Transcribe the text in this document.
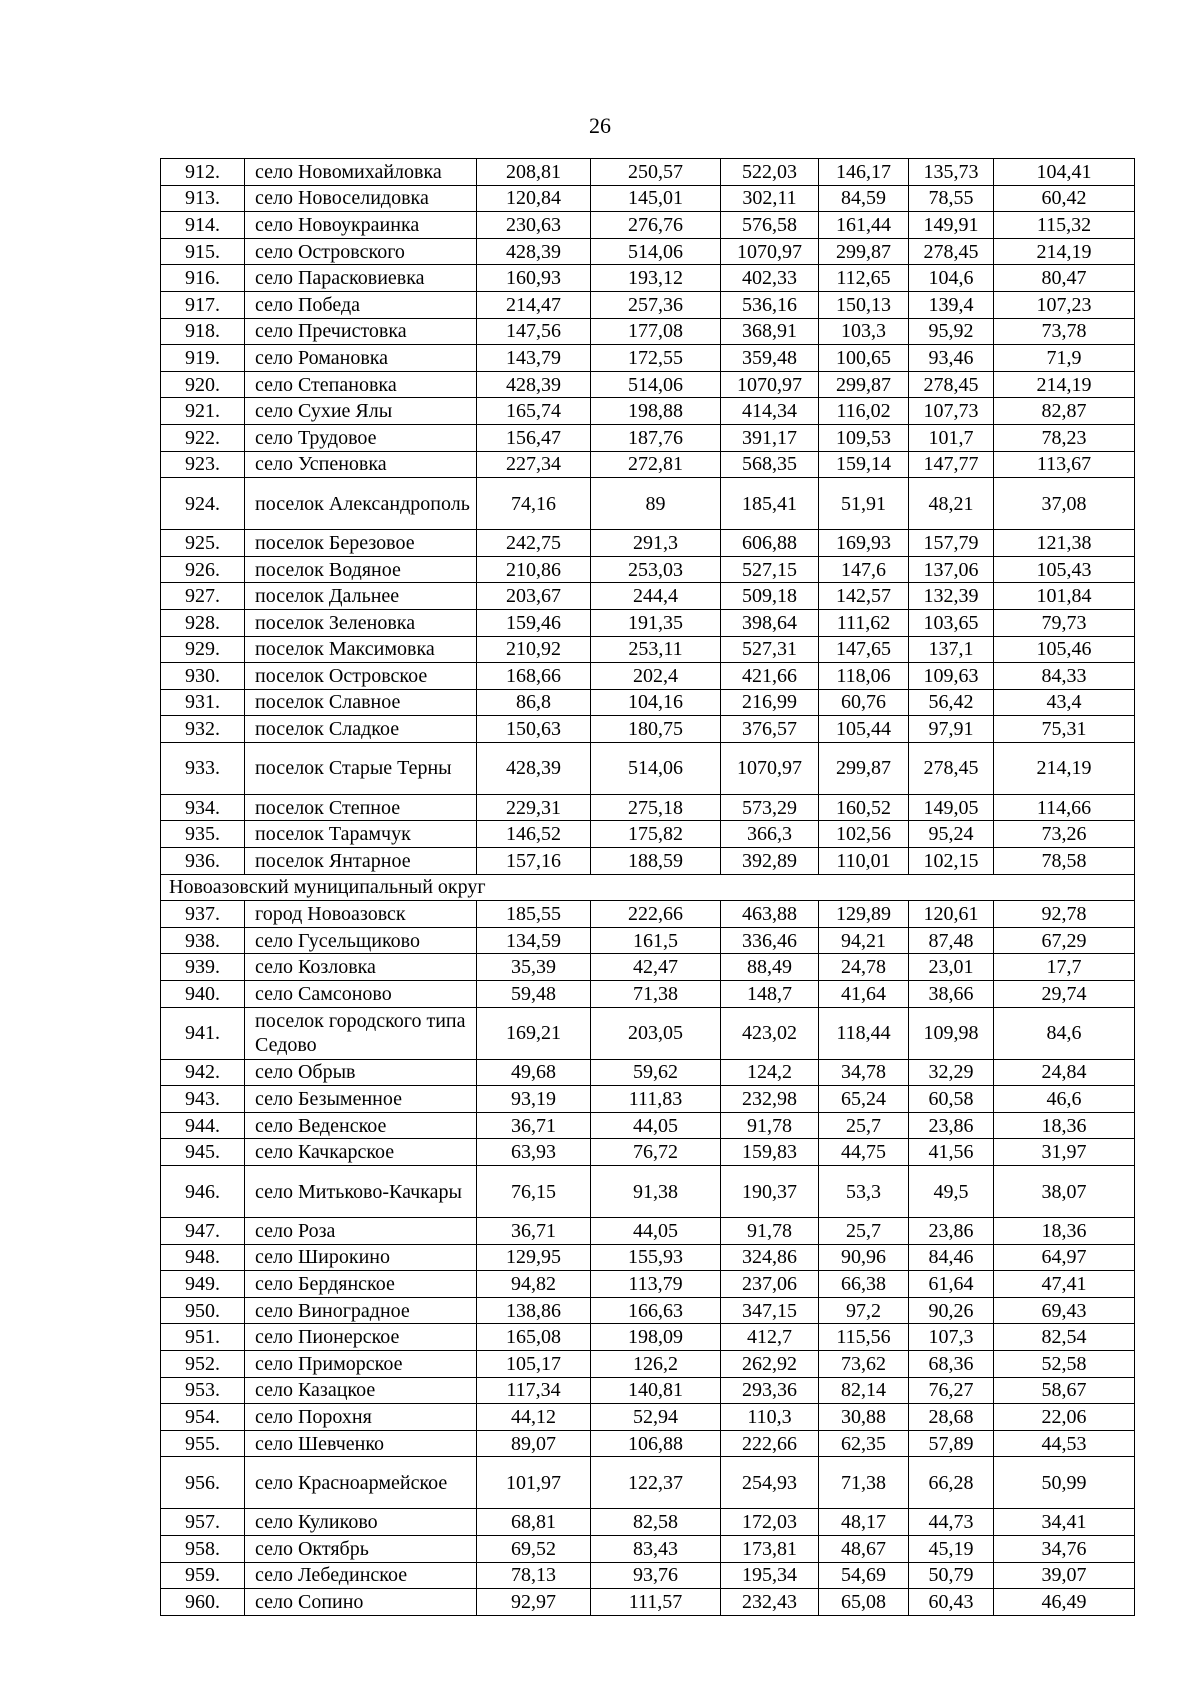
26
912.	село Новомихайловка	208,81	250,57	522,03	146,17	135,73	104,41
913.	село Новоселидовка	120,84	145,01	302,11	84,59	78,55	60,42
914.	село Новоукраинка	230,63	276,76	576,58	161,44	149,91	115,32
915.	село Островского	428,39	514,06	1070,97	299,87	278,45	214,19
916.	село Парасковиевка	160,93	193,12	402,33	112,65	104,6	80,47
917.	село Победа	214,47	257,36	536,16	150,13	139,4	107,23
918.	село Пречистовка	147,56	177,08	368,91	103,3	95,92	73,78
919.	село Романовка	143,79	172,55	359,48	100,65	93,46	71,9
920.	село Степановка	428,39	514,06	1070,97	299,87	278,45	214,19
921.	село Сухие Ялы	165,74	198,88	414,34	116,02	107,73	82,87
922.	село Трудовое	156,47	187,76	391,17	109,53	101,7	78,23
923.	село Успеновка	227,34	272,81	568,35	159,14	147,77	113,67
924.	поселок Александрополь	74,16	89	185,41	51,91	48,21	37,08
925.	поселок Березовое	242,75	291,3	606,88	169,93	157,79	121,38
926.	поселок Водяное	210,86	253,03	527,15	147,6	137,06	105,43
927.	поселок Дальнее	203,67	244,4	509,18	142,57	132,39	101,84
928.	поселок Зеленовка	159,46	191,35	398,64	111,62	103,65	79,73
929.	поселок Максимовка	210,92	253,11	527,31	147,65	137,1	105,46
930.	поселок Островское	168,66	202,4	421,66	118,06	109,63	84,33
931.	поселок Славное	86,8	104,16	216,99	60,76	56,42	43,4
932.	поселок Сладкое	150,63	180,75	376,57	105,44	97,91	75,31
933.	поселок Старые Терны	428,39	514,06	1070,97	299,87	278,45	214,19
934.	поселок Степное	229,31	275,18	573,29	160,52	149,05	114,66
935.	поселок Тарамчук	146,52	175,82	366,3	102,56	95,24	73,26
936.	поселок Янтарное	157,16	188,59	392,89	110,01	102,15	78,58
Новоазовский муниципальный округ							
937.	город Новоазовск	185,55	222,66	463,88	129,89	120,61	92,78
938.	село Гусельщиково	134,59	161,5	336,46	94,21	87,48	67,29
939.	село Козловка	35,39	42,47	88,49	24,78	23,01	17,7
940.	село Самсоново	59,48	71,38	148,7	41,64	38,66	29,74
941.	поселок городского типа Седово	169,21	203,05	423,02	118,44	109,98	84,6
942.	село Обрыв	49,68	59,62	124,2	34,78	32,29	24,84
943.	село Безыменное	93,19	111,83	232,98	65,24	60,58	46,6
944.	село Веденское	36,71	44,05	91,78	25,7	23,86	18,36
945.	село Качкарское	63,93	76,72	159,83	44,75	41,56	31,97
946.	село Митьково-Качкары	76,15	91,38	190,37	53,3	49,5	38,07
947.	село Роза	36,71	44,05	91,78	25,7	23,86	18,36
948.	село Широкино	129,95	155,93	324,86	90,96	84,46	64,97
949.	село Бердянское	94,82	113,79	237,06	66,38	61,64	47,41
950.	село Виноградное	138,86	166,63	347,15	97,2	90,26	69,43
951.	село Пионерское	165,08	198,09	412,7	115,56	107,3	82,54
952.	село Приморское	105,17	126,2	262,92	73,62	68,36	52,58
953.	село Казацкое	117,34	140,81	293,36	82,14	76,27	58,67
954.	село Порохня	44,12	52,94	110,3	30,88	28,68	22,06
955.	село Шевченко	89,07	106,88	222,66	62,35	57,89	44,53
956.	село Красноармейское	101,97	122,37	254,93	71,38	66,28	50,99
957.	село Куликово	68,81	82,58	172,03	48,17	44,73	34,41
958.	село Октябрь	69,52	83,43	173,81	48,67	45,19	34,76
959.	село Лебединское	78,13	93,76	195,34	54,69	50,79	39,07
960.	село Сопино	92,97	111,57	232,43	65,08	60,43	46,49
